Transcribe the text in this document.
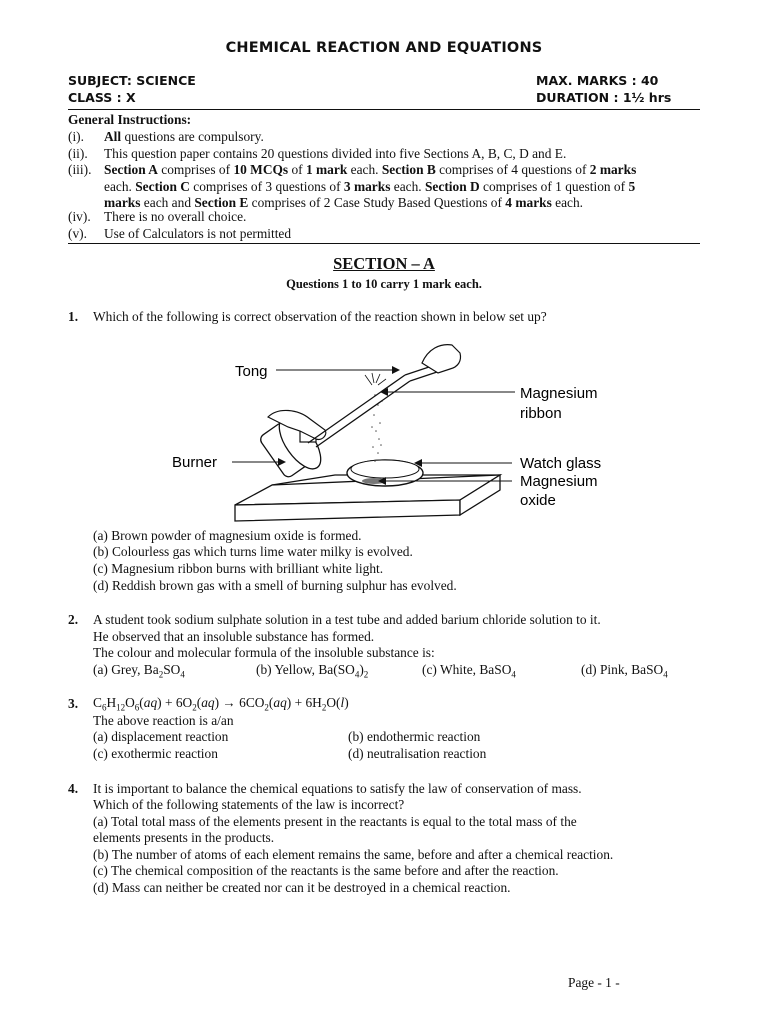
CHEMICAL REACTION AND EQUATIONS
SUBJECT: SCIENCE
CLASS : X
MAX. MARKS : 40
DURATION : 1½ hrs
General Instructions:
(i).	All questions are compulsory.
(ii).	This question paper contains 20 questions divided into five Sections A, B, C, D and E.
(iii). Section A comprises of 10 MCQs of 1 mark each. Section B comprises of 4 questions of 2 marks
each. Section C comprises of 3 questions of 3 marks each. Section D comprises of 1 question of 5
marks each and Section E comprises of 2 Case Study Based Questions of 4 marks each.
(iv). There is no overall choice.
(v).	Use of Calculators is not permitted
SECTION – A
Questions 1 to 10 carry 1 mark each.
1. Which of the following is correct observation of the reaction shown in below set up?
Tong
Magnesium
ribbon
Burner	Watch glass
Magnesium
oxide
(a) Brown powder of magnesium oxide is formed.
(b) Colourless gas which turns lime water milky is evolved.
(c) Magnesium ribbon burns with brilliant white light.
(d) Reddish brown gas with a smell of burning sulphur has evolved.
2. A student took sodium sulphate solution in a test tube and added barium chloride solution to it.
He observed that an insoluble substance has formed.
The colour and molecular formula of the insoluble substance is:
(a) Grey, $Ba_2SO_4$	(b) Yellow, $Ba(SO_4)_2$	(c) White, BaSO$_4$	(d) Pink, BaSO$_4$
3. $C_6H_{12}O_6(aq) + 6O_2(aq) \to 6CO_2(aq) + 6H_2O(l)$
The above reaction is a/an
(a) displacement reaction	(b) endothermic reaction
(c) exothermic reaction	(d) neutralisation reaction
4. It is important to balance the chemical equations to satisfy the law of conservation of mass.
Which of the following statements of the law is incorrect?
(a) Total total mass of the elements present in the reactants is equal to the total mass of the
elements presents in the products.
(b) The number of atoms of each element remains the same, before and after a chemical reaction.
(c) The chemical composition of the reactants is the same before and after the reaction.
(d) Mass can neither be created nor can it be destroyed in a chemical reaction.
Page - 1 -
